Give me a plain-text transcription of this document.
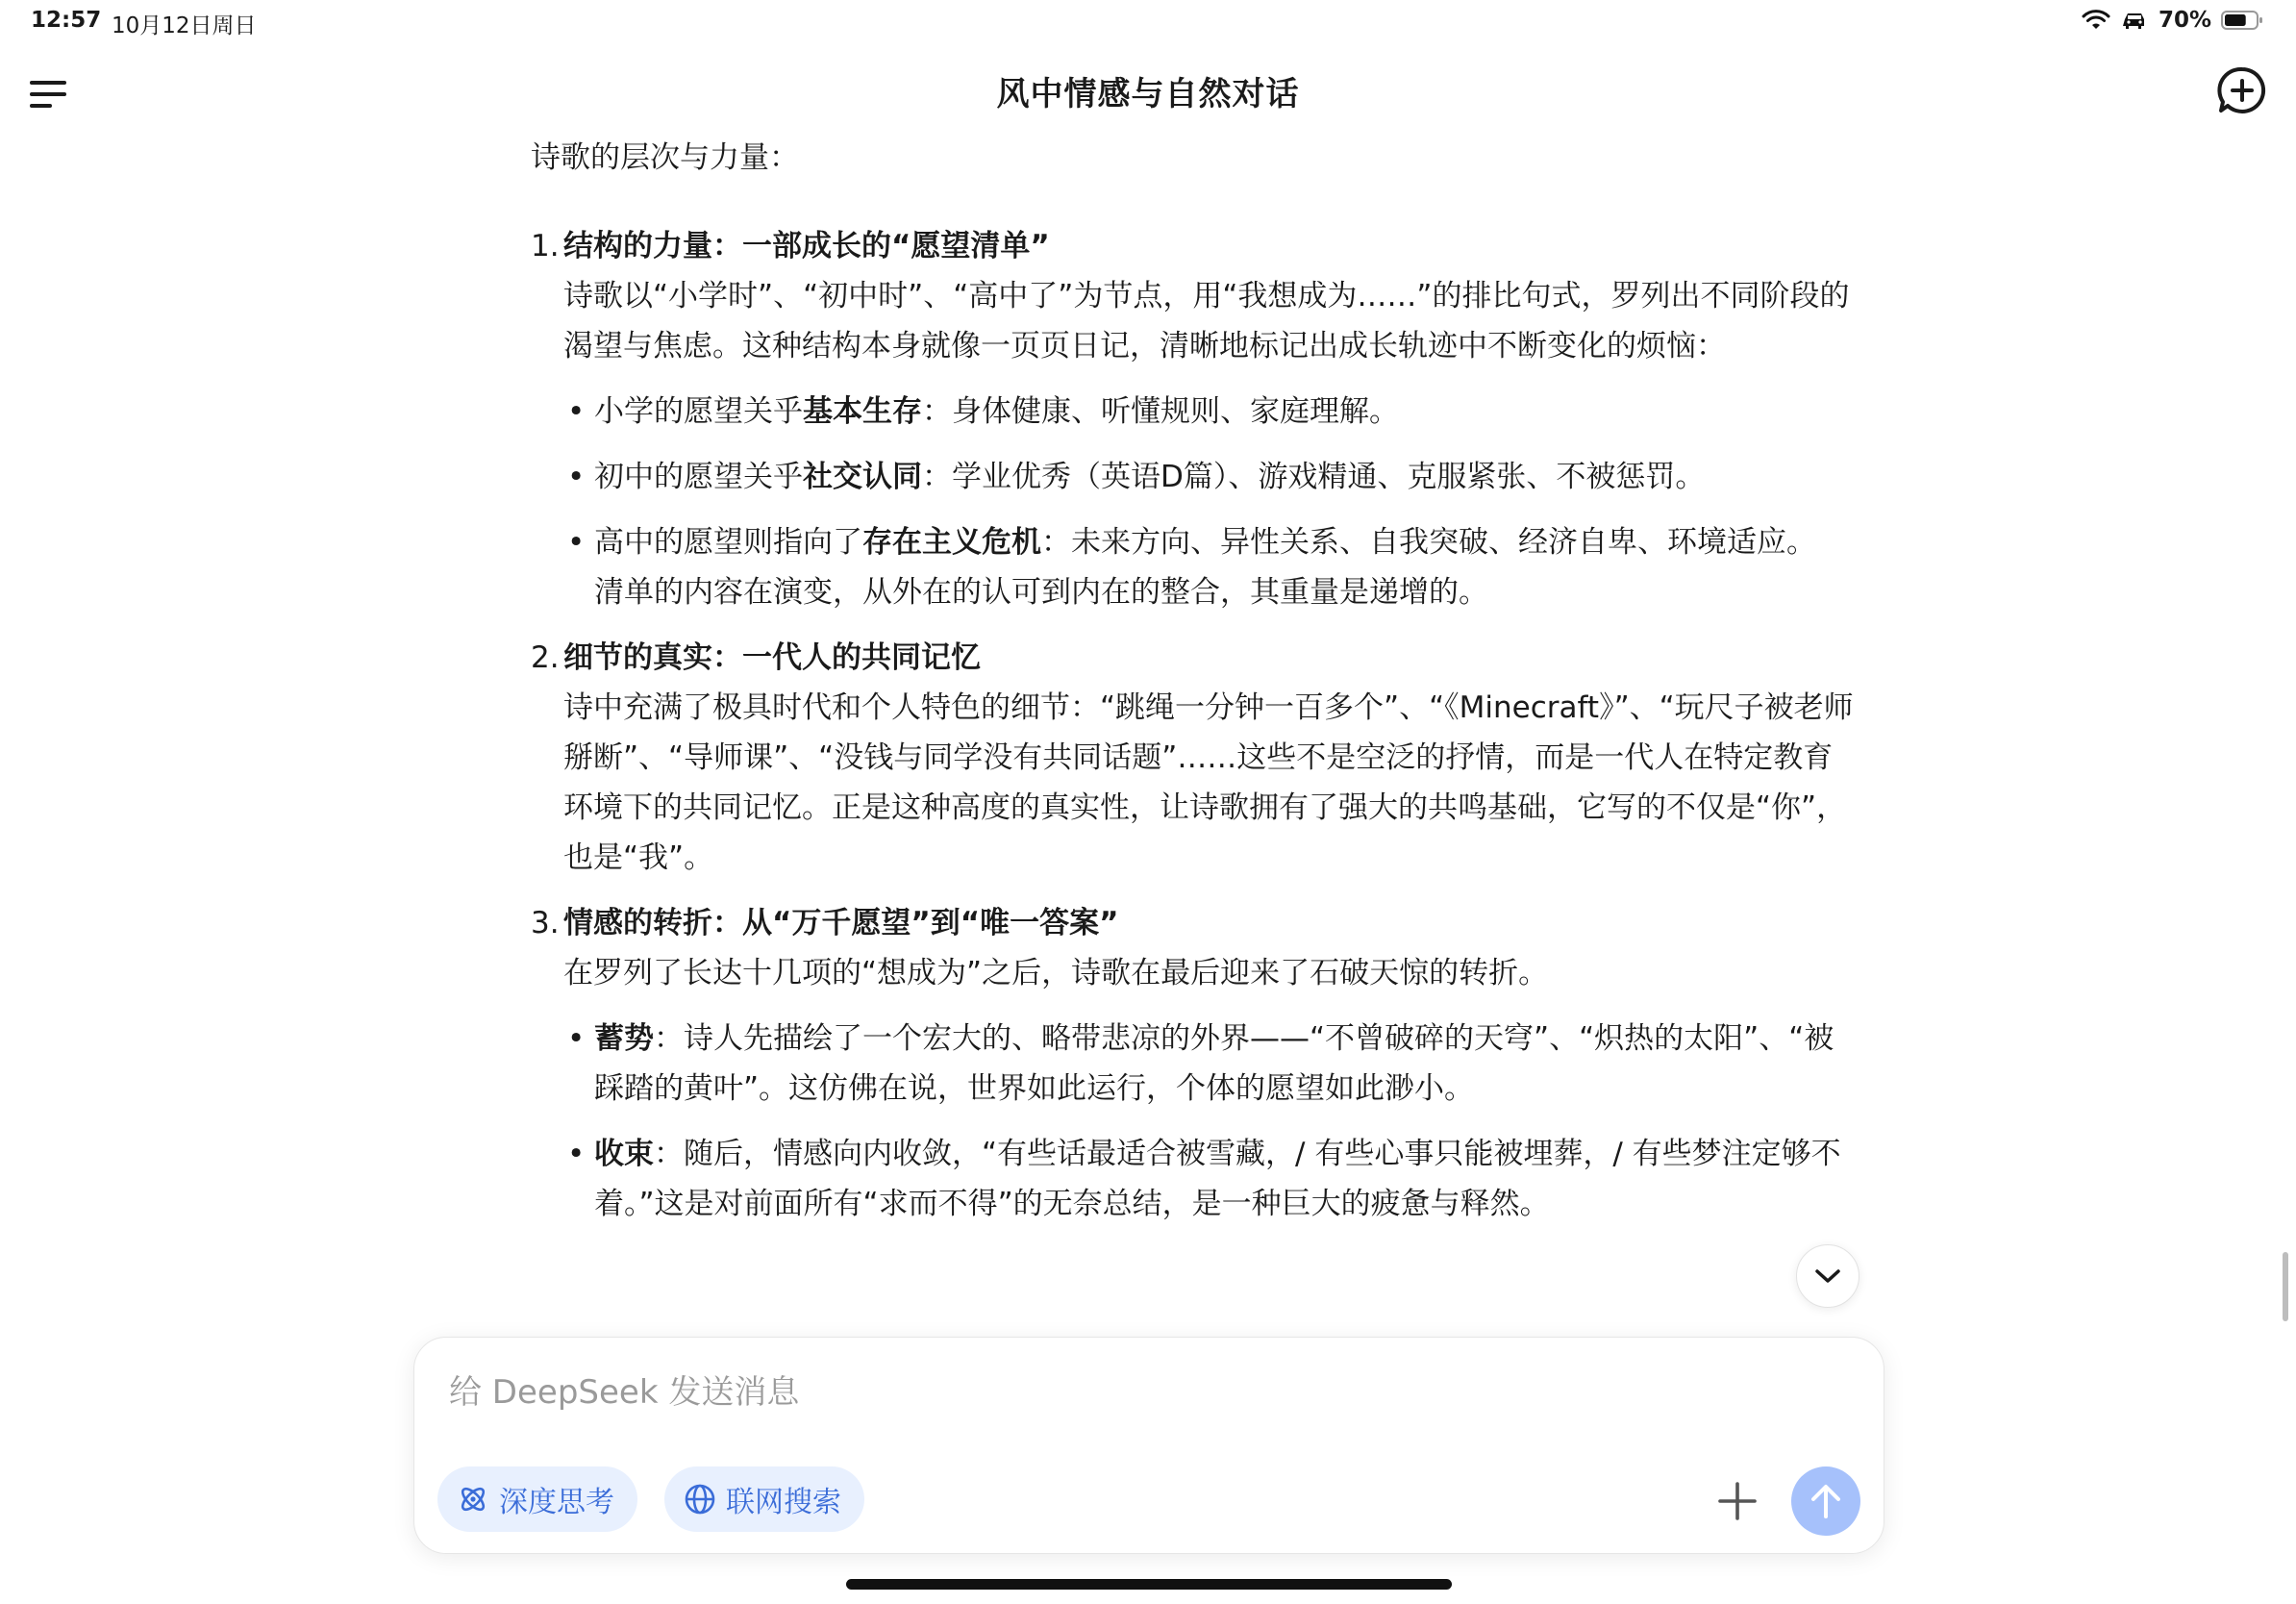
12:57 10月12日周日	70%
风中情感与自然对话
诗歌的层次与力量：
1. 结构的力量：一部成长的“愿望清单”
诗歌以“小学时”、“初中时”、“高中了”为节点，用“我想成为……”的排比句式，罗列出不同阶段的渴望与焦虑。这种结构本身就像一页页日记，清晰地标记出成长轨迹中不断变化的烦恼：
• 小学的愿望关乎基本生存：身体健康、听懂规则、家庭理解。
• 初中的愿望关乎社交认同：学业优秀（英语D篇）、游戏精通、克服紧张、不被惩罚。
• 高中的愿望则指向了存在主义危机：未来方向、异性关系、自我突破、经济自卑、环境适应。
清单的内容在演变，从外在的认可到内在的整合，其重量是递增的。
2. 细节的真实：一代人的共同记忆
诗中充满了极具时代和个人特色的细节：“跳绳一分钟一百多个”、“《Minecraft》”、“玩尺子被老师掰断”、“导师课”、“没钱与同学没有共同话题”……这些不是空泛的抒情，而是一代人在特定教育环境下的共同记忆。正是这种高度的真实性，让诗歌拥有了强大的共鸣基础，它写的不仅是“你”，也是“我”。
3. 情感的转折：从“万千愿望”到“唯一答案”
在罗列了长达十几项的“想成为”之后，诗歌在最后迎来了石破天惊的转折。
• 蓄势：诗人先描绘了一个宏大的、略带悲凉的外界——“不曾破碎的天穹”、“炽热的太阳”、“被踩踏的黄叶”。这仿佛在说，世界如此运行，个体的愿望如此渺小。
• 收束：随后，情感向内收敛，“有些话最适合被雪藏，/ 有些心事只能被埋葬，/ 有些梦注定够不着。”这是对前面所有“求而不得”的无奈总结，是一种巨大的疲惫与释然。
给 DeepSeek 发送消息
深度思考	联网搜索
